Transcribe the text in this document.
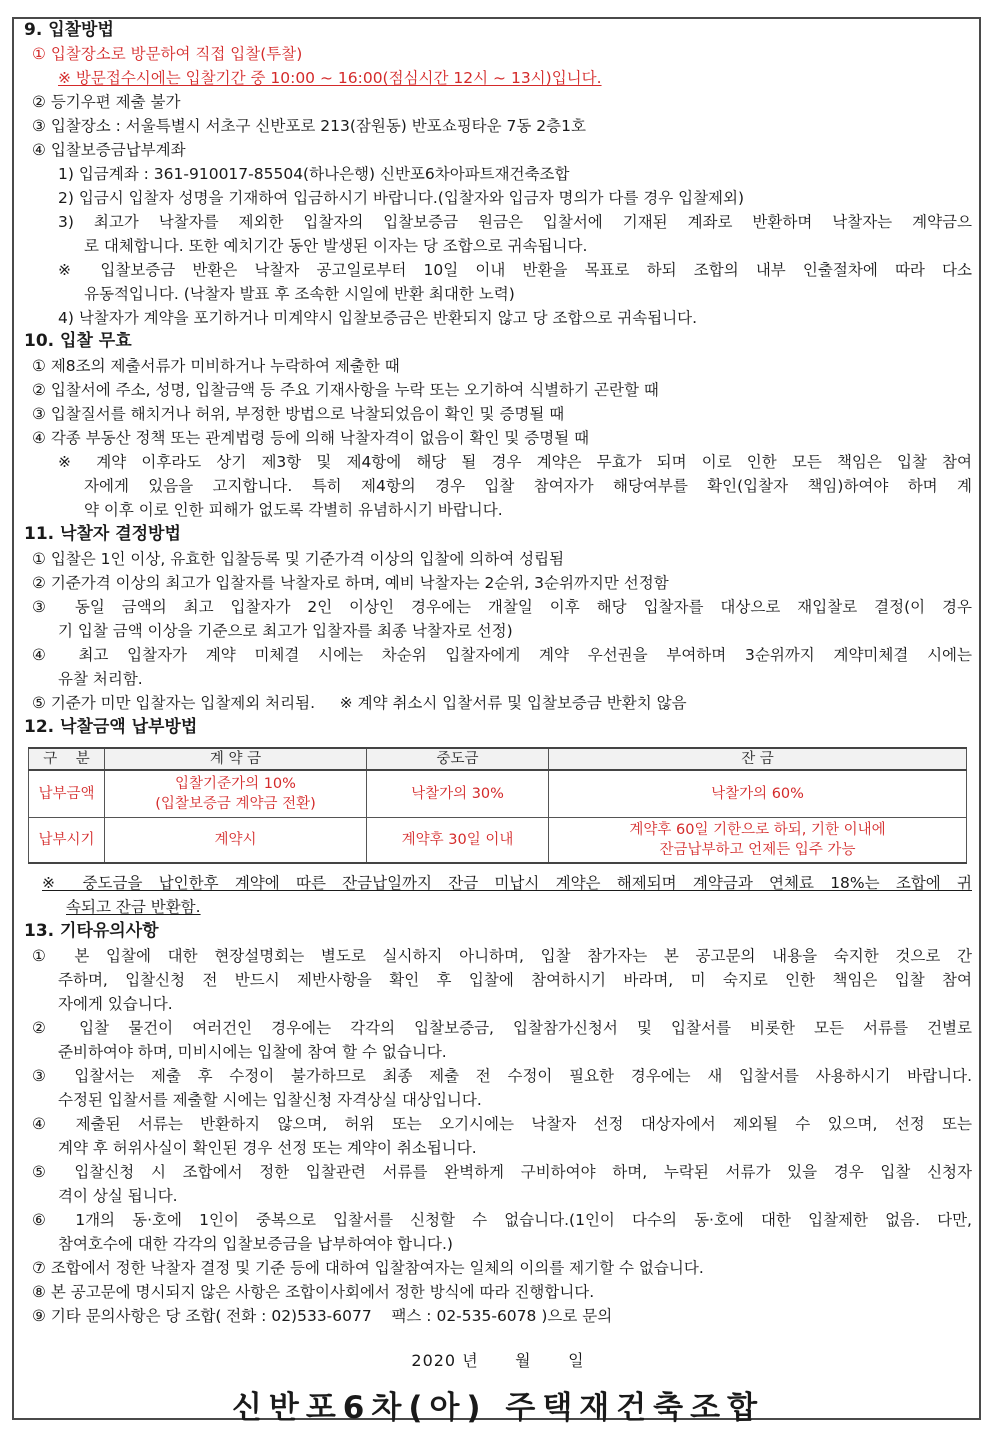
9. 입찰방법
① 입찰장소로 방문하여 직접 입찰(투찰)
※ 방문접수시에는 입찰기간 중 10:00 ~ 16:00(점심시간 12시 ~ 13시)입니다.
② 등기우편 제출 불가
③ 입찰장소 : 서울특별시 서초구 신반포로 213(잠원동) 반포쇼핑타운 7동 2층1호
④ 입찰보증금납부계좌
1) 입금계좌 : 361-910017-85504(하나은행) 신반포6차아파트재건축조합
2) 입금시 입찰자 성명을 기재하여 입금하시기 바랍니다.(입찰자와 입금자 명의가 다를 경우 입찰제외)
3) 최고가 낙찰자를 제외한 입찰자의 입찰보증금 원금은 입찰서에 기재된 계좌로 반환하며 낙찰자는 계약금으
로 대체합니다. 또한 예치기간 동안 발생된 이자는 당 조합으로 귀속됩니다.
※ 입찰보증금 반환은 낙찰자 공고일로부터 10일 이내 반환을 목표로 하되 조합의 내부 인출절차에 따라 다소
유동적입니다. (낙찰자 발표 후 조속한 시일에 반환 최대한 노력)
4) 낙찰자가 계약을 포기하거나 미계약시 입찰보증금은 반환되지 않고 당 조합으로 귀속됩니다.
10. 입찰 무효
① 제8조의 제출서류가 미비하거나 누락하여 제출한 때
② 입찰서에 주소, 성명, 입찰금액 등 주요 기재사항을 누락 또는 오기하여 식별하기 곤란할 때
③ 입찰질서를 해치거나 허위, 부정한 방법으로 낙찰되었음이 확인 및 증명될 때
④ 각종 부동산 정책 또는 관계법령 등에 의해 낙찰자격이 없음이 확인 및 증명될 때
※ 계약 이후라도 상기 제3항 및 제4항에 해당 될 경우 계약은 무효가 되며 이로 인한 모든 책임은 입찰 참여
자에게 있음을 고지합니다. 특히 제4항의 경우 입찰 참여자가 해당여부를 확인(입찰자 책임)하여야 하며 계
약 이후 이로 인한 피해가 없도록 각별히 유념하시기 바랍니다.
11. 낙찰자 결정방법
① 입찰은 1인 이상, 유효한 입찰등록 및 기준가격 이상의 입찰에 의하여 성립됨
② 기준가격 이상의 최고가 입찰자를 낙찰자로 하며, 예비 낙찰자는 2순위, 3순위까지만 선정함
③ 동일 금액의 최고 입찰자가 2인 이상인 경우에는 개찰일 이후 해당 입찰자를 대상으로 재입찰로 결정(이 경우
기 입찰 금액 이상을 기준으로 최고가 입찰자를 최종 낙찰자로 선정)
④ 최고 입찰자가 계약 미체결 시에는 차순위 입찰자에게 계약 우선권을 부여하며 3순위까지 계약미체결 시에는
유찰 처리함.
⑤ 기준가 미만 입찰자는 입찰제외 처리됨.     ※ 계약 취소시 입찰서류 및 입찰보증금 반환치 않음
12. 낙찰금액 납부방법
구    분	계 약 금	중도금	잔 금
납부금액	입찰기준가의 10%
(입찰보증금 계약금 전환)	낙찰가의 30%	낙찰가의 60%
납부시기	계약시	계약후 30일 이내	계약후 60일 기한으로 하되, 기한 이내에
잔금납부하고 언제든 입주 가능
※ 중도금을 납인한후 계약에 따른 잔금납일까지 잔금 미납시 계약은 해제되며 계약금과 연체료 18%는 조합에 귀
속되고 잔금 반환함.
13. 기타유의사항
① 본 입찰에 대한 현장설명회는 별도로 실시하지 아니하며, 입찰 참가자는 본 공고문의 내용을 숙지한 것으로 간
주하며, 입찰신청 전 반드시 제반사항을 확인 후 입찰에 참여하시기 바라며, 미 숙지로 인한 책임은 입찰 참여
자에게 있습니다.
② 입찰 물건이 여러건인 경우에는 각각의 입찰보증금, 입찰참가신청서 및 입찰서를 비롯한 모든 서류를 건별로
준비하여야 하며, 미비시에는 입찰에 참여 할 수 없습니다.
③ 입찰서는 제출 후 수정이 불가하므로 최종 제출 전 수정이 필요한 경우에는 새 입찰서를 사용하시기 바랍니다.
수정된 입찰서를 제출할 시에는 입찰신청 자격상실 대상입니다.
④ 제출된 서류는 반환하지 않으며, 허위 또는 오기시에는 낙찰자 선정 대상자에서 제외될 수 있으며, 선정 또는
계약 후 허위사실이 확인된 경우 선정 또는 계약이 취소됩니다.
⑤ 입찰신청 시 조합에서 정한 입찰관련 서류를 완벽하게 구비하여야 하며, 누락된 서류가 있을 경우 입찰 신청자
격이 상실 됩니다.
⑥ 1개의 동·호에 1인이 중복으로 입찰서를 신청할 수 없습니다.(1인이 다수의 동·호에 대한 입찰제한 없음. 다만,
참여호수에 대한 각각의 입찰보증금을 납부하여야 합니다.)
⑦ 조합에서 정한 낙찰자 결정 및 기준 등에 대하여 입찰참여자는 일체의 이의를 제기할 수 없습니다.
⑧ 본 공고문에 명시되지 않은 사항은 조합이사회에서 정한 방식에 따라 진행합니다.
⑨ 기타 문의사항은 당 조합( 전화 : 02)533-6077    팩스 : 02-535-6078 )으로 문의
2020 년      월      일
신반포6차(아) 주택재건축조합
